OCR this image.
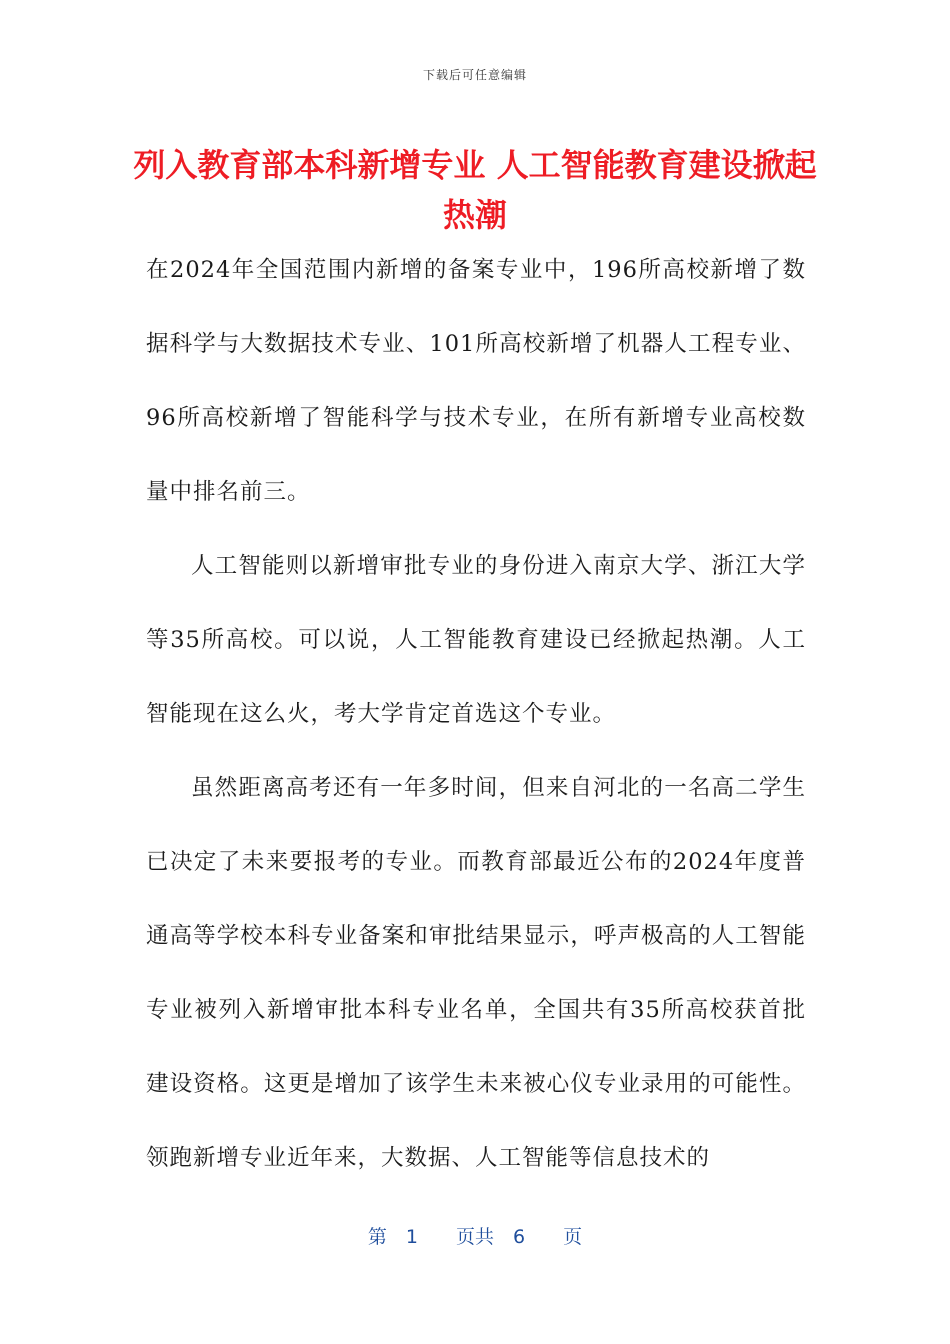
下载后可任意编辑
列入教育部本科新增专业 人工智能教育建设掀起热潮

在2024年全国范围内新增的备案专业中，196所高校新增了数据科学与大数据技术专业、101所高校新增了机器人工程专业、96所高校新增了智能科学与技术专业，在所有新增专业高校数量中排名前三。

人工智能则以新增审批专业的身份进入南京大学、浙江大学等35所高校。可以说，人工智能教育建设已经掀起热潮。人工智能现在这么火，考大学肯定首选这个专业。

虽然距离高考还有一年多时间，但来自河北的一名高二学生已决定了未来要报考的专业。而教育部最近公布的2024年度普通高等学校本科专业备案和审批结果显示，呼声极高的人工智能专业被列入新增审批本科专业名单，全国共有35所高校获首批建设资格。这更是增加了该学生未来被心仪专业录用的可能性。领跑新增专业近年来，大数据、人工智能等信息技术的

第　1　　页共　6　　页
